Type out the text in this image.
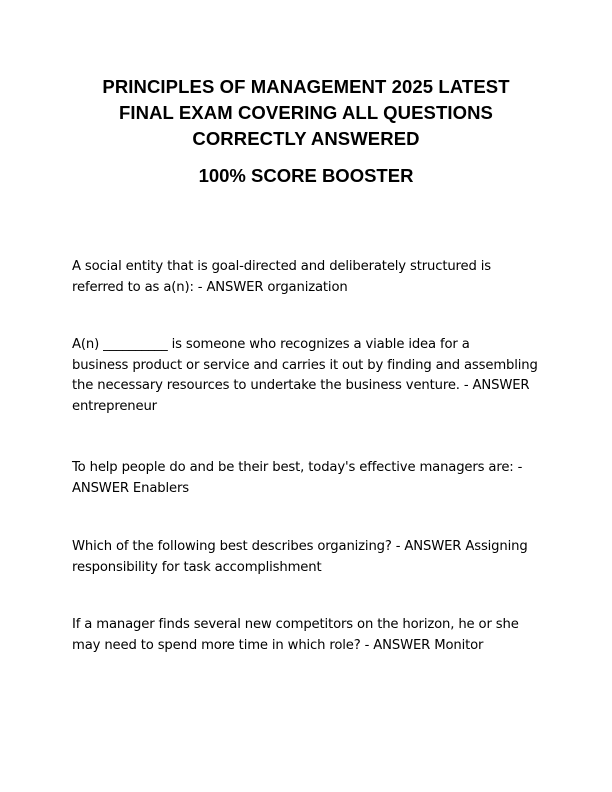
PRINCIPLES OF MANAGEMENT 2025 LATEST
FINAL EXAM COVERING ALL QUESTIONS
CORRECTLY ANSWERED
100% SCORE BOOSTER

A social entity that is goal-directed and deliberately structured is
referred to as a(n): - ANSWER organization

A(n) __________ is someone who recognizes a viable idea for a
business product or service and carries it out by finding and assembling
the necessary resources to undertake the business venture. - ANSWER
entrepreneur

To help people do and be their best, today's effective managers are: -
ANSWER Enablers

Which of the following best describes organizing? - ANSWER Assigning
responsibility for task accomplishment

If a manager finds several new competitors on the horizon, he or she
may need to spend more time in which role? - ANSWER Monitor
